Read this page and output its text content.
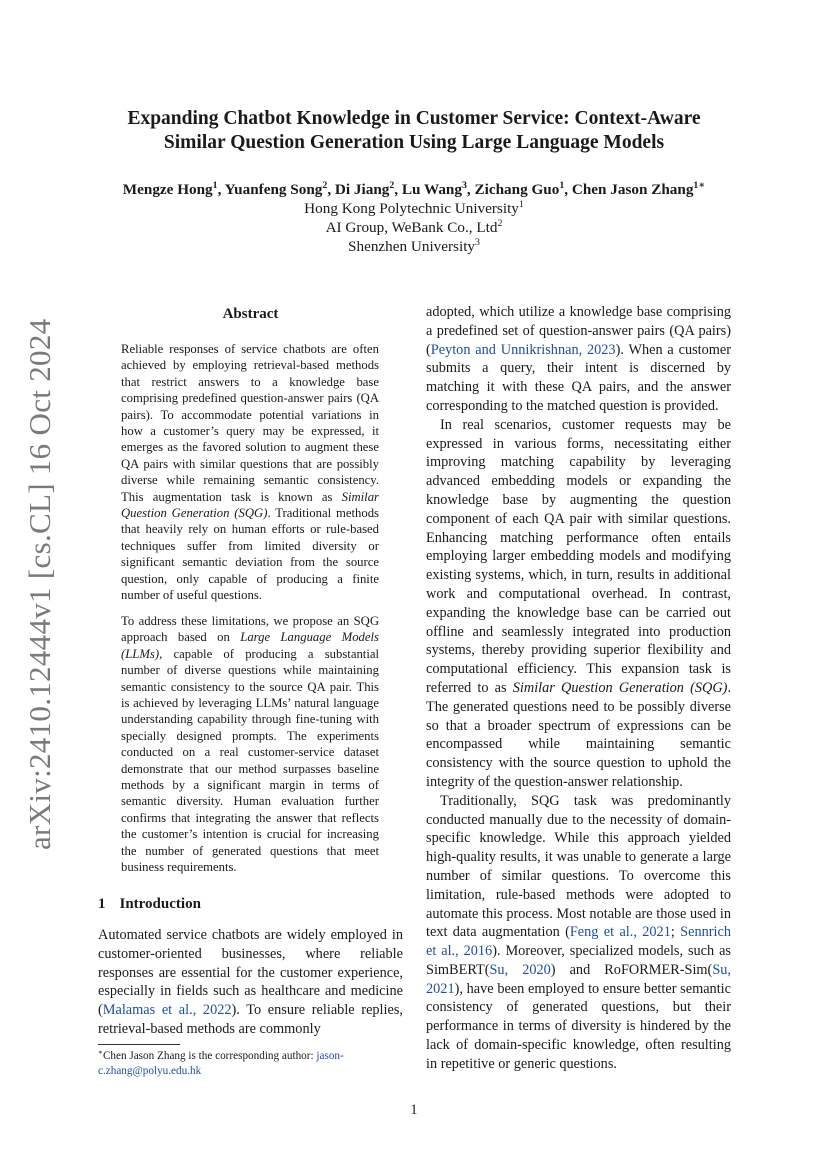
arXiv:2410.12444v1 [cs.CL] 16 Oct 2024
Expanding Chatbot Knowledge in Customer Service: Context-Aware
Similar Question Generation Using Large Language Models
Mengze Hong$^1$, Yuanfeng Song$^2$, Di Jiang$^2$, Lu Wang$^3$, Zichang Guo$^1$, Chen Jason Zhang$^{1∗}$
Hong Kong Polytechnic University$^1$
AI Group, WeBank Co., Ltd$^2$
Shenzhen University$^3$
Abstract

Reliable responses of service chatbots are often achieved by employing retrieval-based methods that restrict answers to a knowledge base comprising predefined question-answer pairs (QA pairs). To accommodate potential variations in how a customer’s query may be expressed, it emerges as the favored solution to augment these QA pairs with similar questions that are possibly diverse while remaining semantic consistency. This augmentation task is known as Similar Question Generation (SQG). Traditional methods that heavily rely on human efforts or rule-based techniques suffer from limited diversity or significant semantic deviation from the source question, only capable of producing a finite number of useful questions.

To address these limitations, we propose an SQG approach based on Large Language Models (LLMs), capable of producing a substantial number of diverse questions while maintaining semantic consistency to the source QA pair. This is achieved by leveraging LLMs’ natural language understanding capability through fine-tuning with specially designed prompts. The experiments conducted on a real customer-service dataset demonstrate that our method surpasses baseline methods by a significant margin in terms of semantic diversity. Human evaluation further confirms that integrating the answer that reflects the customer’s intention is crucial for increasing the number of generated questions that meet business requirements.

1 Introduction

Automated service chatbots are widely employed in customer-oriented businesses, where reliable responses are essential for the customer experience, especially in fields such as healthcare and medicine (Malamas et al., 2022). To ensure reliable replies, retrieval-based methods are commonly

∗Chen Jason Zhang is the corresponding author: jason-c.zhang@polyu.edu.hk

adopted, which utilize a knowledge base comprising a predefined set of question-answer pairs (QA pairs) (Peyton and Unnikrishnan, 2023). When a customer submits a query, their intent is discerned by matching it with these QA pairs, and the answer corresponding to the matched question is provided.

In real scenarios, customer requests may be expressed in various forms, necessitating either improving matching capability by leveraging advanced embedding models or expanding the knowledge base by augmenting the question component of each QA pair with similar questions. Enhancing matching performance often entails employing larger embedding models and modifying existing systems, which, in turn, results in additional work and computational overhead. In contrast, expanding the knowledge base can be carried out offline and seamlessly integrated into production systems, thereby providing superior flexibility and computational efficiency. This expansion task is referred to as Similar Question Generation (SQG). The generated questions need to be possibly diverse so that a broader spectrum of expressions can be encompassed while maintaining semantic consistency with the source question to uphold the integrity of the question-answer relationship.

Traditionally, SQG task was predominantly conducted manually due to the necessity of domain-specific knowledge. While this approach yielded high-quality results, it was unable to generate a large number of similar questions. To overcome this limitation, rule-based methods were adopted to automate this process. Most notable are those used in text data augmentation (Feng et al., 2021; Sennrich et al., 2016). Moreover, specialized models, such as SimBERT(Su, 2020) and RoFORMER-Sim(Su, 2021), have been employed to ensure better semantic consistency of generated questions, but their performance in terms of diversity is hindered by the lack of domain-specific knowledge, often resulting in repetitive or generic questions.

1
